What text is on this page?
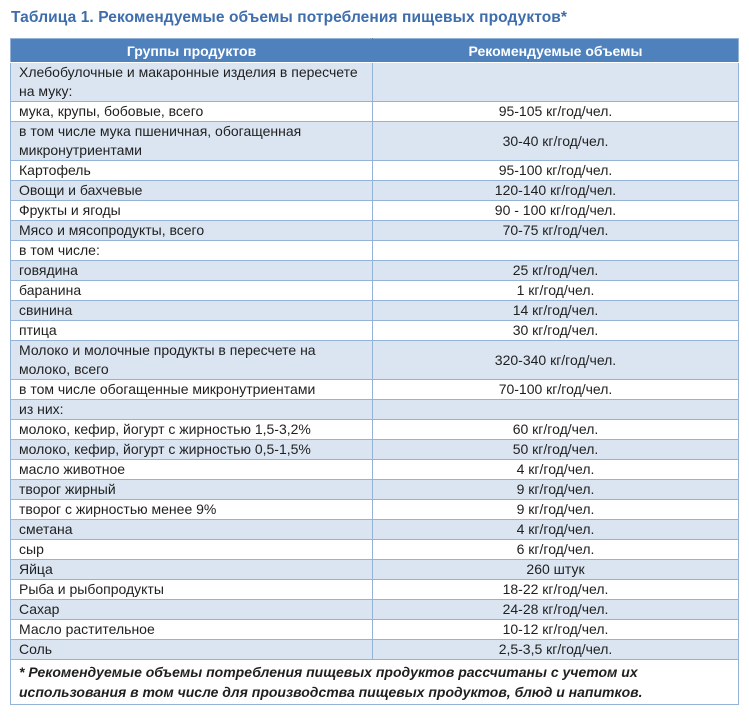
Таблица 1. Рекомендуемые объемы потребления пищевых продуктов*
Группы продуктов	Рекомендуемые объемы
Хлебобулочные и макаронные изделия в пересчете на муку:	
мука, крупы, бобовые, всего	95-105 кг/год/чел.
в том числе мука пшеничная, обогащенная микронутриентами	30-40 кг/год/чел.
Картофель	95-100 кг/год/чел.
Овощи и бахчевые	120-140 кг/год/чел.
Фрукты и ягоды	90 - 100 кг/год/чел.
Мясо и мясопродукты, всего	70-75 кг/год/чел.
в том числе:	
говядина	25 кг/год/чел.
баранина	1 кг/год/чел.
свинина	14 кг/год/чел.
птица	30 кг/год/чел.
Молоко и молочные продукты в пересчете на молоко, всего	320-340 кг/год/чел.
в том числе обогащенные микронутриентами	70-100 кг/год/чел.
из них:	
молоко, кефир, йогурт с жирностью 1,5-3,2%	60 кг/год/чел.
молоко, кефир, йогурт с жирностью 0,5-1,5%	50 кг/год/чел.
масло животное	4 кг/год/чел.
творог жирный	9 кг/год/чел.
творог с жирностью менее 9%	9 кг/год/чел.
сметана	4 кг/год/чел.
сыр	6 кг/год/чел.
Яйца	260 штук
Рыба и рыбопродукты	18-22 кг/год/чел.
Сахар	24-28 кг/год/чел.
Масло растительное	10-12 кг/год/чел.
Соль	2,5-3,5 кг/год/чел.
* Рекомендуемые объемы потребления пищевых продуктов рассчитаны с учетом их использования в том числе для производства пищевых продуктов, блюд и напитков.	
